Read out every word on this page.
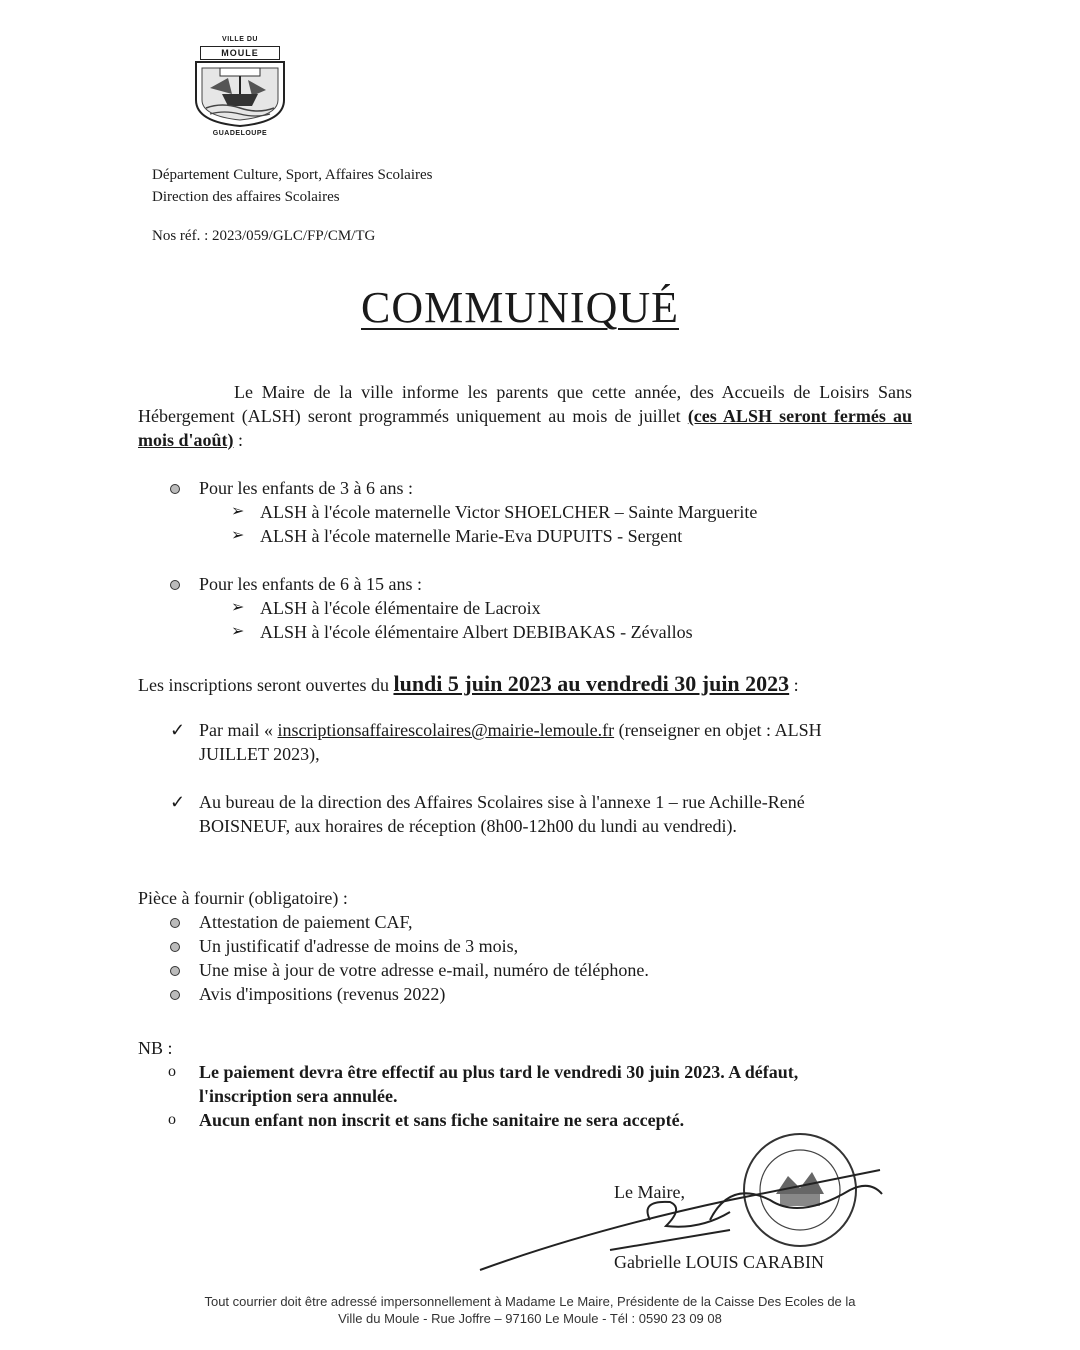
VILLE DU
MOULE
GUADELOUPE
Département Culture, Sport, Affaires Scolaires
Direction des affaires Scolaires
Nos réf. : 2023/059/GLC/FP/CM/TG
COMMUNIQUÉ
Le Maire de la ville informe les parents que cette année, des Accueils de Loisirs Sans Hébergement (ALSH) seront programmés uniquement au mois de juillet (ces ALSH seront fermés au mois d'août) :
Pour les enfants de 3 à 6 ans :
➢ ALSH à l'école maternelle Victor SHOELCHER – Sainte Marguerite
➢ ALSH à l'école maternelle Marie-Eva DUPUITS - Sergent
Pour les enfants de 6 à 15 ans :
➢ ALSH à l'école élémentaire de Lacroix
➢ ALSH à l'école élémentaire Albert DEBIBAKAS - Zévallos
Les inscriptions seront ouvertes du lundi 5 juin 2023 au vendredi 30 juin 2023 :
✓ Par mail « inscriptionsaffairescolaires@mairie-lemoule.fr (renseigner en objet : ALSH
JUILLET 2023),
✓ Au bureau de la direction des Affaires Scolaires sise à l'annexe 1 – rue Achille-René
BOISNEUF, aux horaires de réception (8h00-12h00 du lundi au vendredi).
Pièce à fournir (obligatoire) :
Attestation de paiement CAF,
Un justificatif d'adresse de moins de 3 mois,
Une mise à jour de votre adresse e-mail, numéro de téléphone.
Avis d'impositions (revenus 2022)
NB :
o Le paiement devra être effectif au plus tard le vendredi 30 juin 2023. A défaut,
l'inscription sera annulée.
o Aucun enfant non inscrit et sans fiche sanitaire ne sera accepté.
Le Maire,
Gabrielle LOUIS CARABIN
Tout courrier doit être adressé impersonnellement à Madame Le Maire, Présidente de la Caisse Des Ecoles de la
Ville du Moule - Rue Joffre – 97160 Le Moule - Tél : 0590 23 09 08
